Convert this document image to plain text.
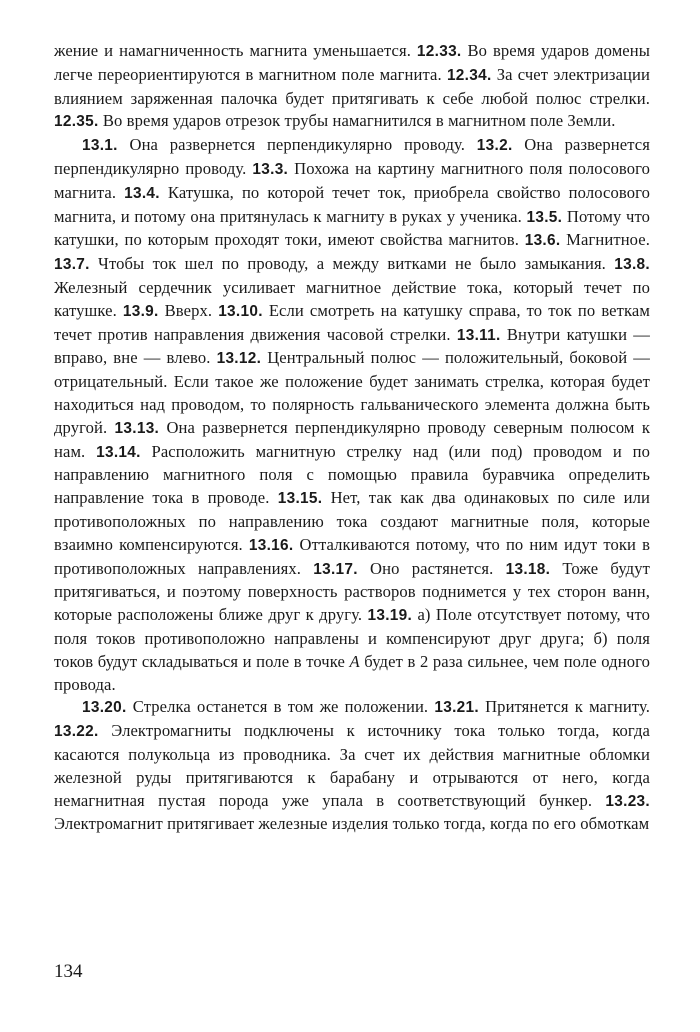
жение и намагниченность магнита уменьшается. 12.33. Во время ударов домены легче переориентируются в магнитном поле магнита. 12.34. За счет электризации влиянием заряженная палочка будет притягивать к себе любой полюс стрелки. 12.35. Во время ударов отрезок трубы намагнитился в магнитном поле Земли.

13.1. Она развернется перпендикулярно проводу. 13.2. Она развернется перпендикулярно проводу. 13.3. Похожа на картину магнитного поля полосового магнита. 13.4. Катушка, по которой течет ток, приобрела свойство полосового магнита, и потому она притянулась к магниту в руках у ученика. 13.5. Потому что катушки, по которым проходят токи, имеют свойства магнитов. 13.6. Магнитное. 13.7. Чтобы ток шел по проводу, а между витками не было замыкания. 13.8. Железный сердечник усиливает магнитное действие тока, который течет по катушке. 13.9. Вверх. 13.10. Если смотреть на катушку справа, то ток по веткам течет против направления движения часовой стрелки. 13.11. Внутри катушки — вправо, вне — влево. 13.12. Центральный полюс — положительный, боковой — отрицательный. Если такое же положение будет занимать стрелка, которая будет находиться над проводом, то полярность гальванического элемента должна быть другой. 13.13. Она развернется перпендикулярно проводу северным полюсом к нам. 13.14. Расположить магнитную стрелку над (или под) проводом и по направлению магнитного поля с помощью правила буравчика определить направление тока в проводе. 13.15. Нет, так как два одинаковых по силе или противоположных по направлению тока создают магнитные поля, которые взаимно компенсируются. 13.16. Отталкиваются потому, что по ним идут токи в противоположных направлениях. 13.17. Оно растянется. 13.18. Тоже будут притягиваться, и поэтому поверхность растворов поднимется у тех сторон ванн, которые расположены ближе друг к другу. 13.19. а) Поле отсутствует потому, что поля токов противоположно направлены и компенсируют друг друга; б) поля токов будут складываться и поле в точке А будет в 2 раза сильнее, чем поле одного провода.

13.20. Стрелка останется в том же положении. 13.21. Притянется к магниту. 13.22. Электромагниты подключены к источнику тока только тогда, когда касаются полукольца из проводника. За счет их действия магнитные обломки железной руды притягиваются к барабану и отрываются от него, когда немагнитная пустая порода уже упала в соответствующий бункер. 13.23. Электромагнит притягивает железные изделия только тогда, когда по его обмоткам

134
